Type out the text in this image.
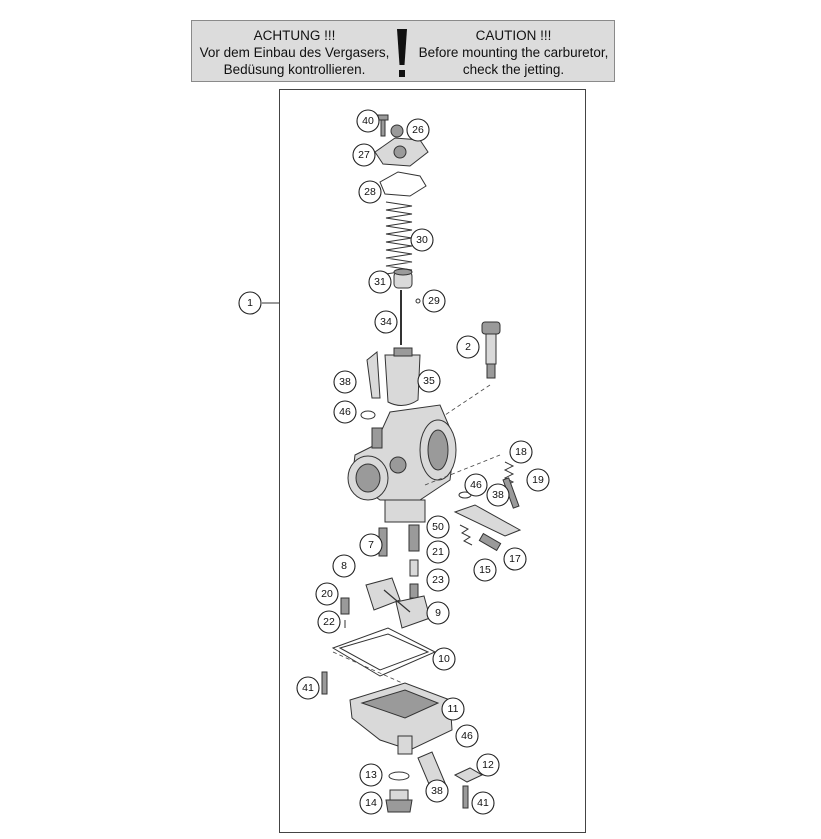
ACHTUNG !!!
Vor dem Einbau des Vergasers,
Bedüsung kontrollieren.
CAUTION !!!
Before mounting the carburetor,
check the jetting.
1
2
7
8
9
10
11
12
13
14
15
17
18
19
20
21
22
23
26
27
28
29
30
31
34
35
38
38
38
40
41
41
46
46
46
50
